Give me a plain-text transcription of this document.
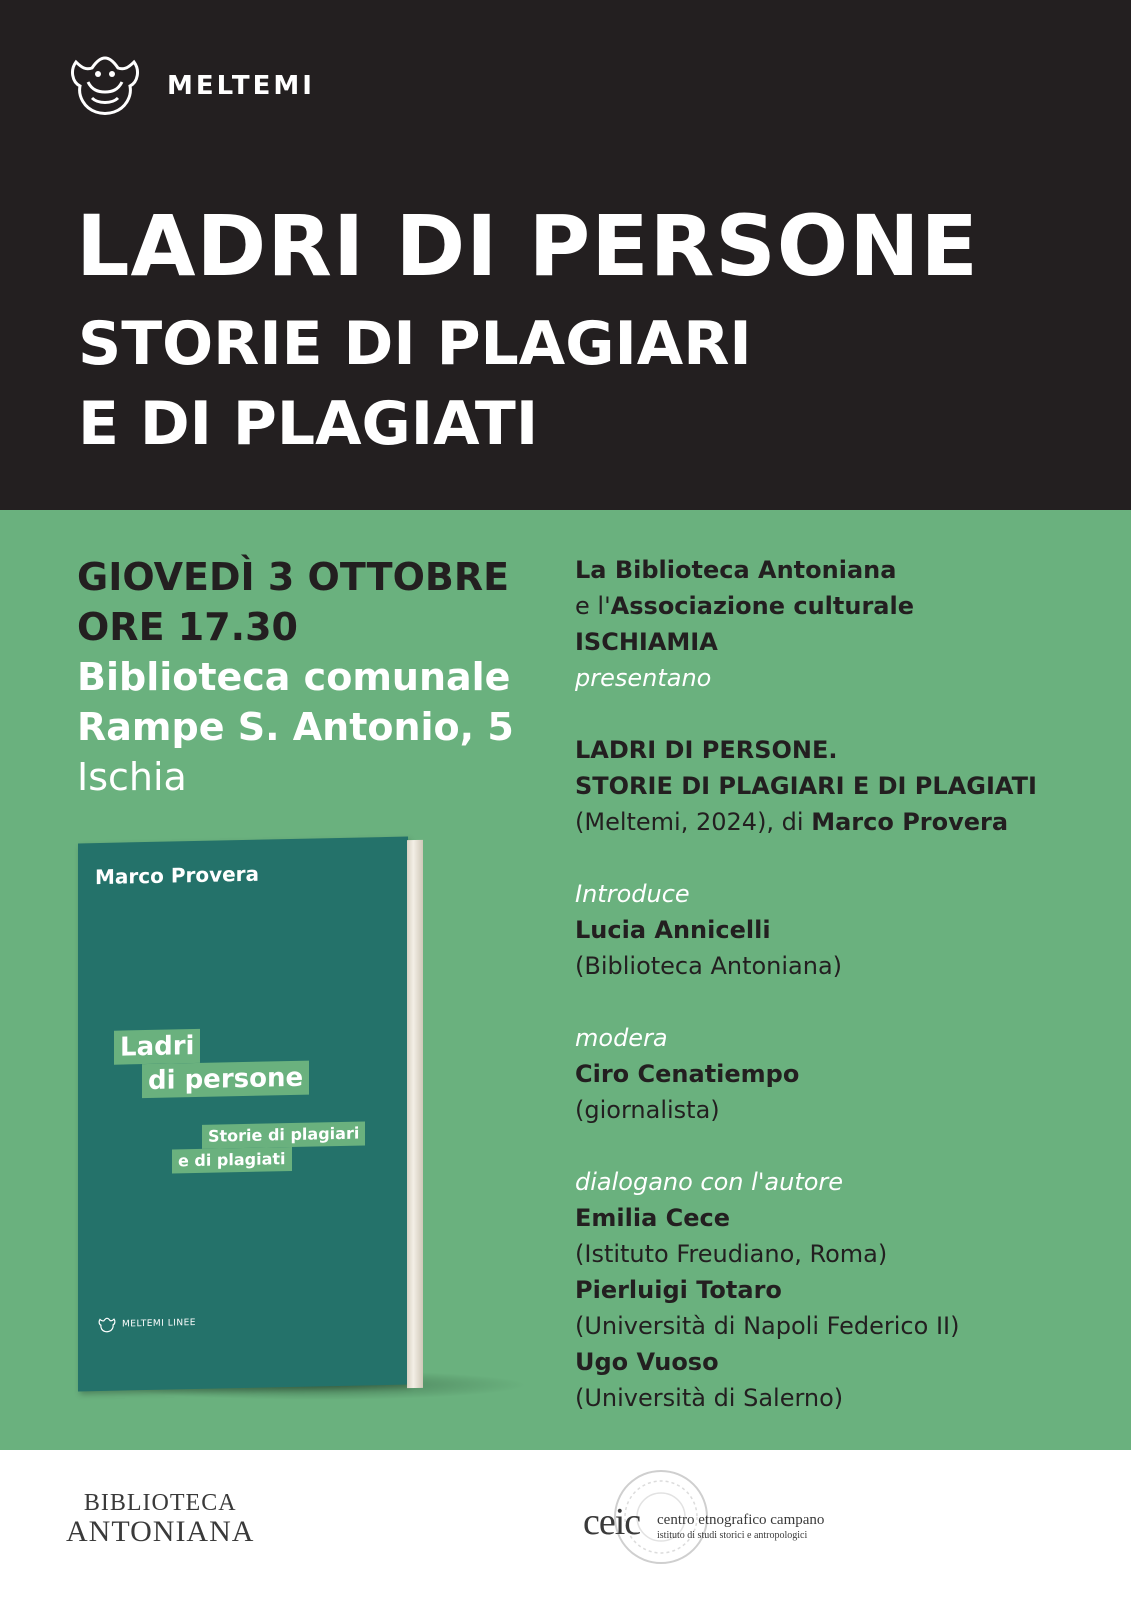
MELTEMI
LADRI DI PERSONE
STORIE DI PLAGIARI
E DI PLAGIATI
GIOVEDÌ 3 OTTOBRE
ORE 17.30
Biblioteca comunale
Rampe S. Antonio, 5
Ischia
Marco Provera
Ladri
di persone
Storie di plagiari
e di plagiati
MELTEMI LINEE

La Biblioteca Antoniana

e l'Associazione culturale

ISCHIAMIA

presentano

LADRI DI PERSONE.

STORIE DI PLAGIARI E DI PLAGIATI

(Meltemi, 2024), di Marco Provera

Introduce

Lucia Annicelli

(Biblioteca Antoniana)

modera

Ciro Cenatiempo

(giornalista)

dialogano con l'autore

Emilia Cece

(Istituto Freudiano, Roma)

Pierluigi Totaro

(Università di Napoli Federico II)

Ugo Vuoso

(Università di Salerno)

BIBLIOTECA
ANTONIANA	ceic centro etnografico campano
istituto di studi storici e antropologici
